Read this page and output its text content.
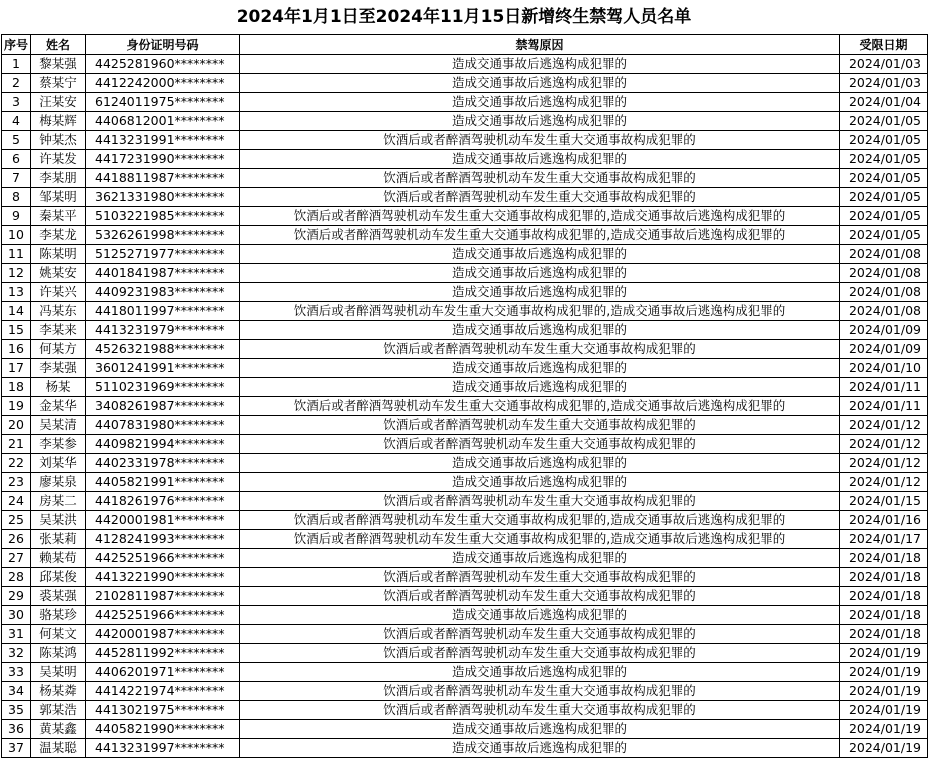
2024年1月1日至2024年11月15日新增终生禁驾人员名单
序号	姓名	身份证明号码	禁驾原因	受限日期
1	黎某强	4425281960********	造成交通事故后逃逸构成犯罪的	2024/01/03
2	蔡某宁	4412242000********	造成交通事故后逃逸构成犯罪的	2024/01/03
3	汪某安	6124011975********	造成交通事故后逃逸构成犯罪的	2024/01/04
4	梅某辉	4406812001********	造成交通事故后逃逸构成犯罪的	2024/01/05
5	钟某杰	4413231991********	饮酒后或者醉酒驾驶机动车发生重大交通事故构成犯罪的	2024/01/05
6	许某发	4417231990********	造成交通事故后逃逸构成犯罪的	2024/01/05
7	李某朋	4418811987********	饮酒后或者醉酒驾驶机动车发生重大交通事故构成犯罪的	2024/01/05
8	邹某明	3621331980********	饮酒后或者醉酒驾驶机动车发生重大交通事故构成犯罪的	2024/01/05
9	秦某平	5103221985********	饮酒后或者醉酒驾驶机动车发生重大交通事故构成犯罪的,造成交通事故后逃逸构成犯罪的	2024/01/05
10	李某龙	5326261998********	饮酒后或者醉酒驾驶机动车发生重大交通事故构成犯罪的,造成交通事故后逃逸构成犯罪的	2024/01/05
11	陈某明	5125271977********	造成交通事故后逃逸构成犯罪的	2024/01/08
12	姚某安	4401841987********	造成交通事故后逃逸构成犯罪的	2024/01/08
13	许某兴	4409231983********	造成交通事故后逃逸构成犯罪的	2024/01/08
14	冯某东	4418011997********	饮酒后或者醉酒驾驶机动车发生重大交通事故构成犯罪的,造成交通事故后逃逸构成犯罪的	2024/01/08
15	李某来	4413231979********	造成交通事故后逃逸构成犯罪的	2024/01/09
16	何某方	4526321988********	饮酒后或者醉酒驾驶机动车发生重大交通事故构成犯罪的	2024/01/09
17	李某强	3601241991********	造成交通事故后逃逸构成犯罪的	2024/01/10
18	杨某	5110231969********	造成交通事故后逃逸构成犯罪的	2024/01/11
19	金某华	3408261987********	饮酒后或者醉酒驾驶机动车发生重大交通事故构成犯罪的,造成交通事故后逃逸构成犯罪的	2024/01/11
20	吴某清	4407831980********	饮酒后或者醉酒驾驶机动车发生重大交通事故构成犯罪的	2024/01/12
21	李某参	4409821994********	饮酒后或者醉酒驾驶机动车发生重大交通事故构成犯罪的	2024/01/12
22	刘某华	4402331978********	造成交通事故后逃逸构成犯罪的	2024/01/12
23	廖某泉	4405821991********	造成交通事故后逃逸构成犯罪的	2024/01/12
24	房某二	4418261976********	饮酒后或者醉酒驾驶机动车发生重大交通事故构成犯罪的	2024/01/15
25	吴某洪	4420001981********	饮酒后或者醉酒驾驶机动车发生重大交通事故构成犯罪的,造成交通事故后逃逸构成犯罪的	2024/01/16
26	张某莉	4128241993********	饮酒后或者醉酒驾驶机动车发生重大交通事故构成犯罪的,造成交通事故后逃逸构成犯罪的	2024/01/17
27	赖某苟	4425251966********	造成交通事故后逃逸构成犯罪的	2024/01/18
28	邱某俊	4413221990********	饮酒后或者醉酒驾驶机动车发生重大交通事故构成犯罪的	2024/01/18
29	裘某强	2102811987********	饮酒后或者醉酒驾驶机动车发生重大交通事故构成犯罪的	2024/01/18
30	骆某珍	4425251966********	造成交通事故后逃逸构成犯罪的	2024/01/18
31	何某文	4420001987********	饮酒后或者醉酒驾驶机动车发生重大交通事故构成犯罪的	2024/01/18
32	陈某鸿	4452811992********	饮酒后或者醉酒驾驶机动车发生重大交通事故构成犯罪的	2024/01/19
33	吴某明	4406201971********	造成交通事故后逃逸构成犯罪的	2024/01/19
34	杨某粦	4414221974********	饮酒后或者醉酒驾驶机动车发生重大交通事故构成犯罪的	2024/01/19
35	郭某浩	4413021975********	饮酒后或者醉酒驾驶机动车发生重大交通事故构成犯罪的	2024/01/19
36	黄某鑫	4405821990********	造成交通事故后逃逸构成犯罪的	2024/01/19
37	温某聪	4413231997********	造成交通事故后逃逸构成犯罪的	2024/01/19
